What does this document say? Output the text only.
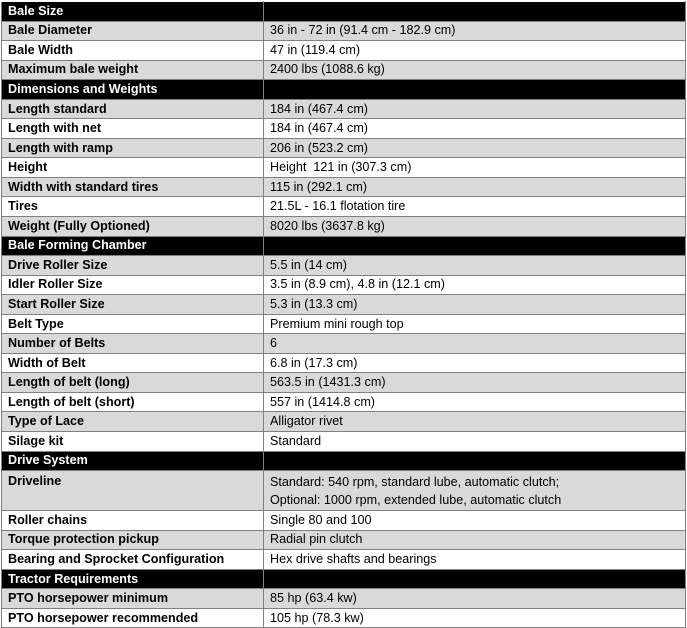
Bale Size	
Bale Diameter	36 in - 72 in (91.4 cm - 182.9 cm)
Bale Width	47 in (119.4 cm)
Maximum bale weight	2400 lbs (1088.6 kg)
Dimensions and Weights	
Length standard	184 in (467.4 cm)
Length with net	184 in (467.4 cm)
Length with ramp	206 in (523.2 cm)
Height	Height  121 in (307.3 cm)
Width with standard tires	115 in (292.1 cm)
Tires	21.5L - 16.1 flotation tire
Weight (Fully Optioned)	8020 lbs (3637.8 kg)
Bale Forming Chamber	
Drive Roller Size	5.5 in (14 cm)
Idler Roller Size	3.5 in (8.9 cm), 4.8 in (12.1 cm)
Start Roller Size	5.3 in (13.3 cm)
Belt Type	Premium mini rough top
Number of Belts	6
Width of Belt	6.8 in (17.3 cm)
Length of belt (long)	563.5 in (1431.3 cm)
Length of belt (short)	557 in (1414.8 cm)
Type of Lace	Alligator rivet
Silage kit	Standard
Drive System	
Driveline	Standard: 540 rpm, standard lube, automatic clutch;
Optional: 1000 rpm, extended lube, automatic clutch

Roller chains	Single 80 and 100
Torque protection pickup	Radial pin clutch
Bearing and Sprocket Configuration	Hex drive shafts and bearings
Tractor Requirements	
PTO horsepower minimum	85 hp (63.4 kw)
PTO horsepower recommended	105 hp (78.3 kw)
